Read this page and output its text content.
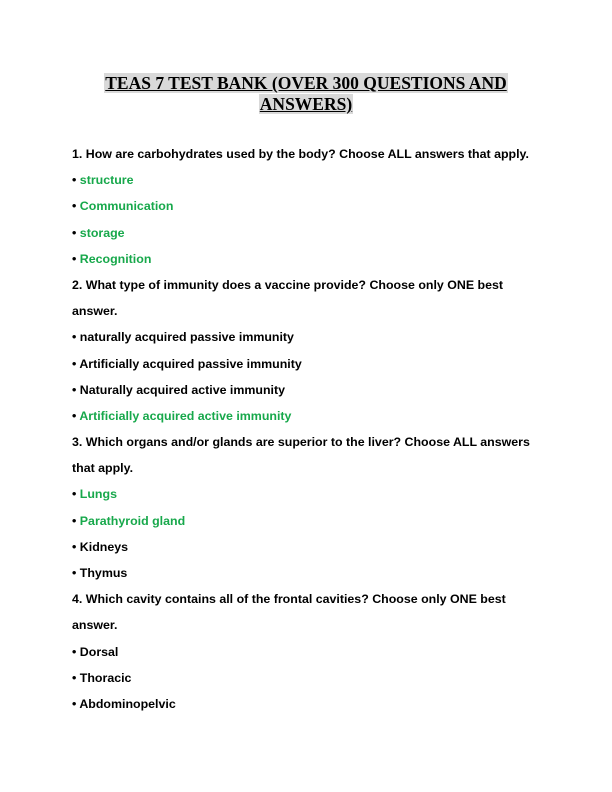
TEAS 7 TEST BANK (OVER 300 QUESTIONS AND
ANSWERS)
1. How are carbohydrates used by the body? Choose ALL answers that apply.
• structure
• Communication
• storage
• Recognition
2. What type of immunity does a vaccine provide? Choose only ONE best
answer.
• naturally acquired passive immunity
• Artificially acquired passive immunity
• Naturally acquired active immunity
• Artificially acquired active immunity
3. Which organs and/or glands are superior to the liver? Choose ALL answers
that apply.
• Lungs
• Parathyroid gland
• Kidneys
• Thymus
4. Which cavity contains all of the frontal cavities? Choose only ONE best
answer.
• Dorsal
• Thoracic
• Abdominopelvic
